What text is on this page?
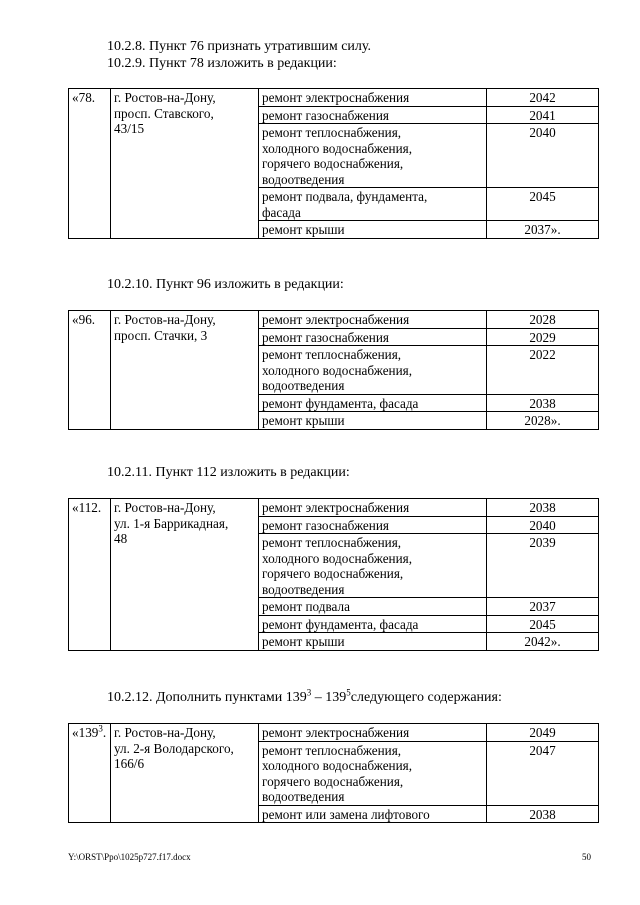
10.2.8. Пункт 76 признать утратившим силу.
10.2.9. Пункт 78 изложить в редакции:
«78.	г. Ростов-на-Дону,
просп. Ставского,
43/15	ремонт электроснабжения	2042

		ремонт газоснабжения	2041

		ремонт теплоснабжения,
холодного водоснабжения,
горячего водоснабжения,
водоотведения	2040

		ремонт подвала, фундамента,
фасада	2045

		ремонт крыши	2037».
10.2.10. Пункт 96 изложить в редакции:
«96.	г. Ростов-на-Дону,
просп. Стачки, 3	ремонт электроснабжения	2028

		ремонт газоснабжения	2029

		ремонт теплоснабжения,
холодного водоснабжения,
водоотведения	2022

		ремонт фундамента, фасада	2038

		ремонт крыши	2028».
10.2.11. Пункт 112 изложить в редакции:
«112.	г. Ростов-на-Дону,
ул. 1-я Баррикадная,
48	ремонт электроснабжения	2038

		ремонт газоснабжения	2040

		ремонт теплоснабжения,
холодного водоснабжения,
горячего водоснабжения,
водоотведения	2039

		ремонт подвала	2037

		ремонт фундамента, фасада	2045

		ремонт крыши	2042».
10.2.12. Дополнить пунктами $139^3$ – $139^5следующего$ содержания:
«$139^3$.	г. Ростов-на-Дону,
ул. 2-я Володарского,
166/6	ремонт электроснабжения	2049

		ремонт теплоснабжения,
холодного водоснабжения,
горячего водоснабжения,
водоотведения	2047

		ремонт или замена лифтового	2038
Y:\ORST\Ppo\1025p727.f17.docx	50
